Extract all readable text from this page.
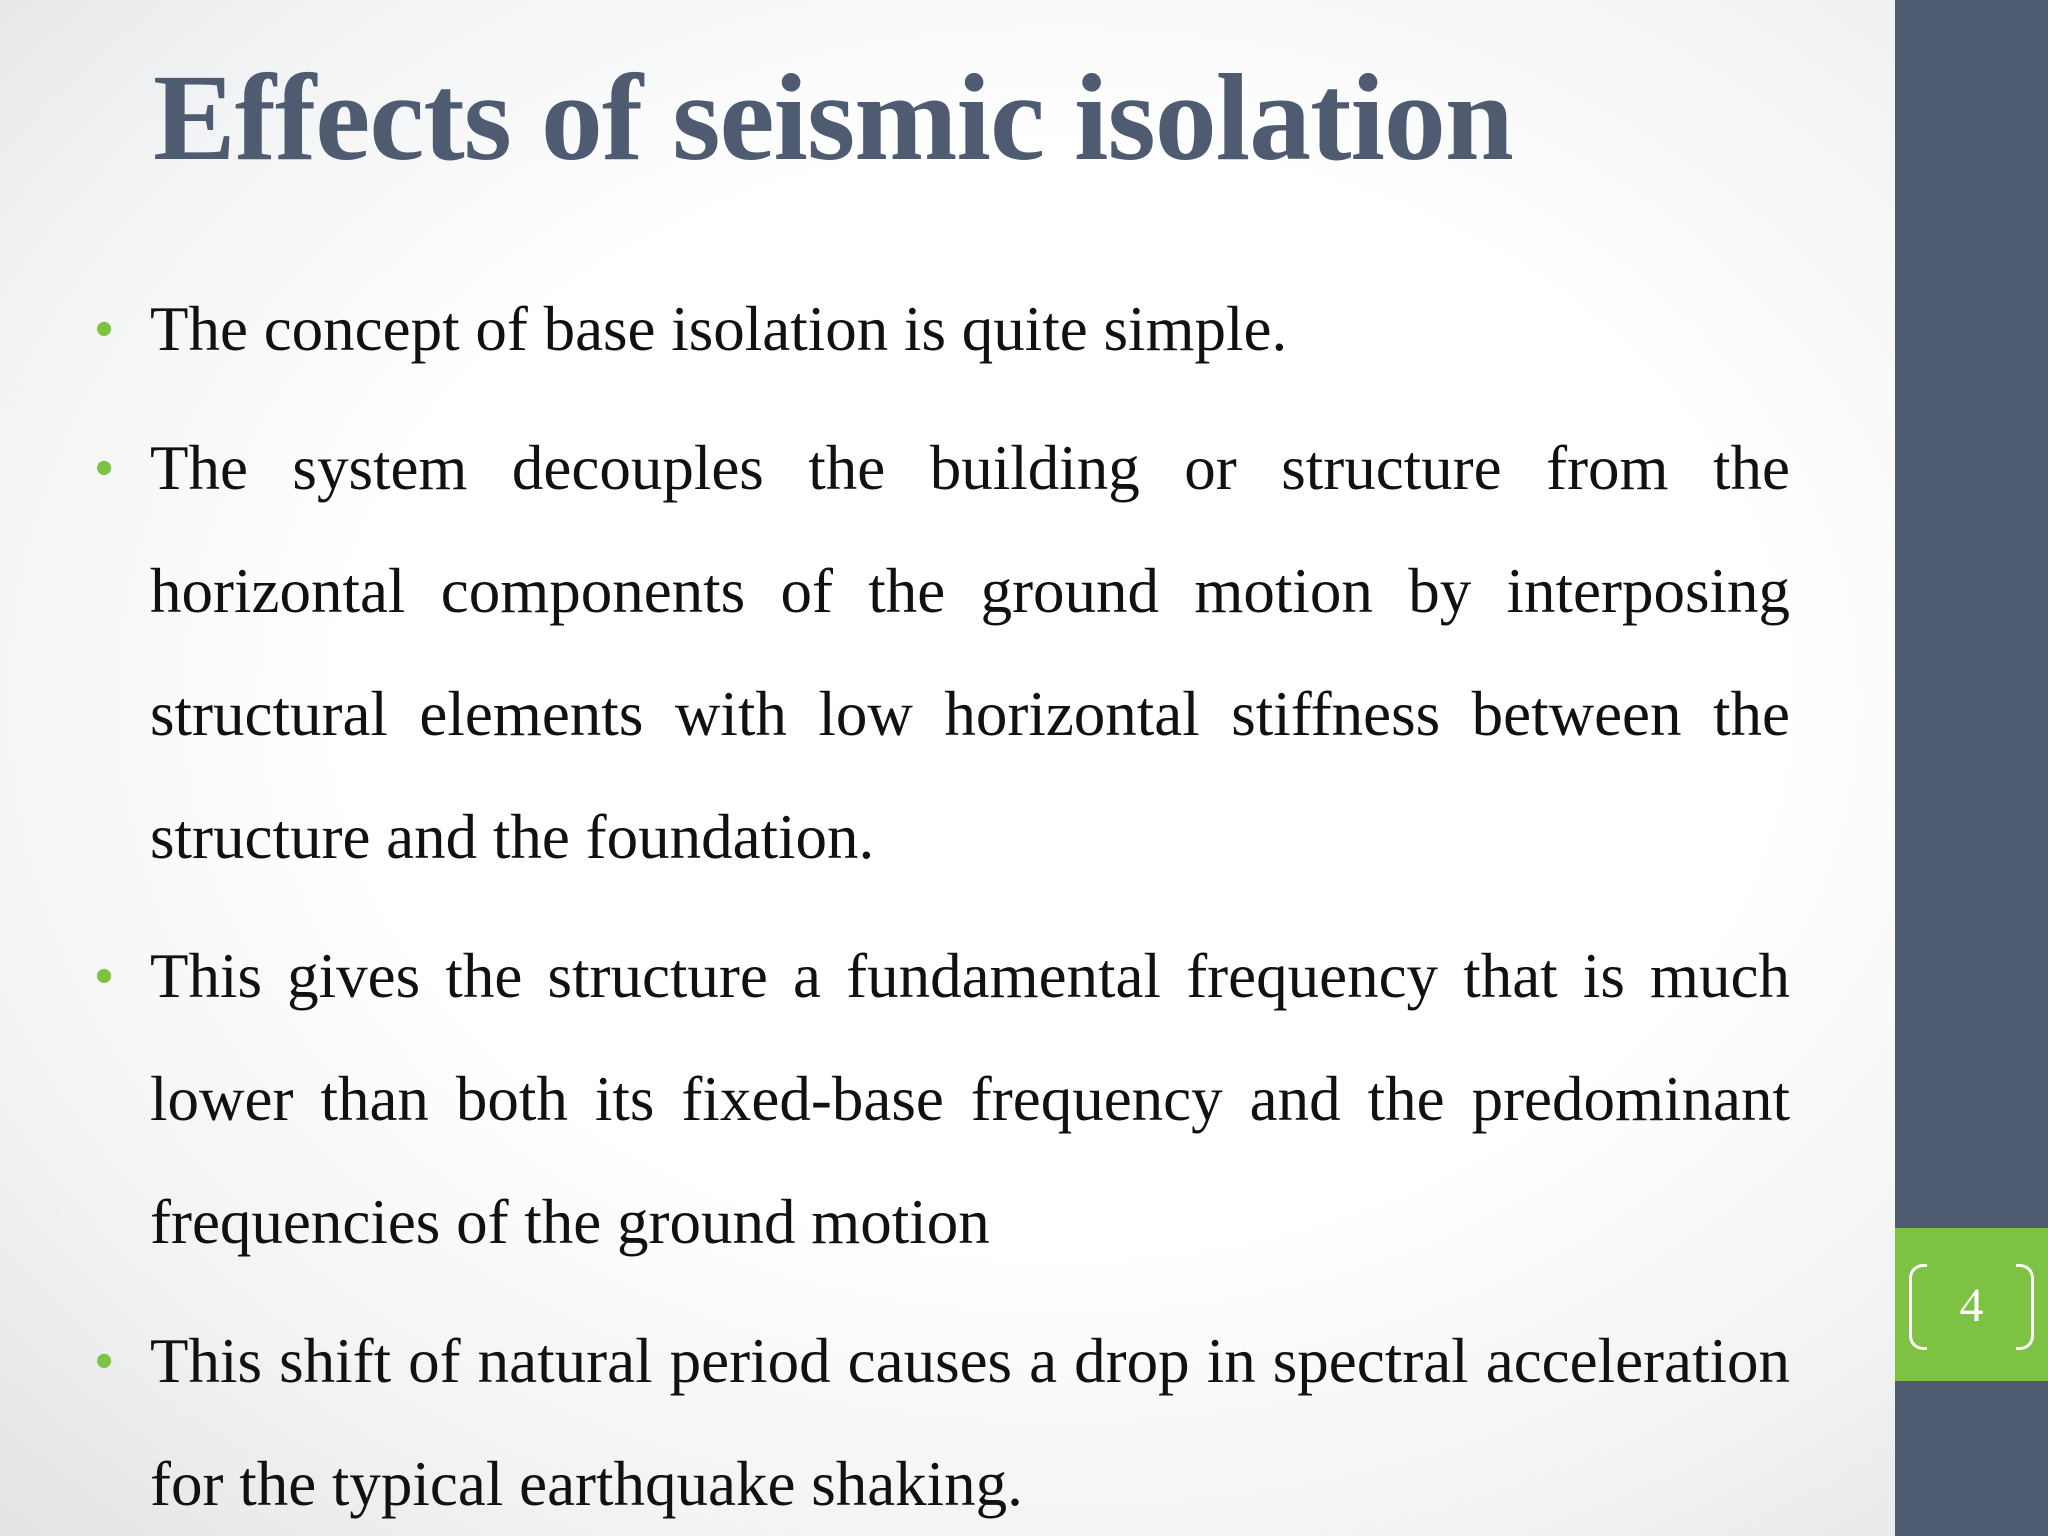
Effects of seismic isolation
• The concept of base isolation is quite simple.
• The system decouples the building or structure from the horizontal components of the ground motion by interposing structural elements with low horizontal stiffness between the structure and the foundation.
• This gives the structure a fundamental frequency that is much lower than both its fixed-base frequency and the predominant frequencies of the ground motion
• This shift of natural period causes a drop in spectral acceleration for the typical earthquake shaking.
4
